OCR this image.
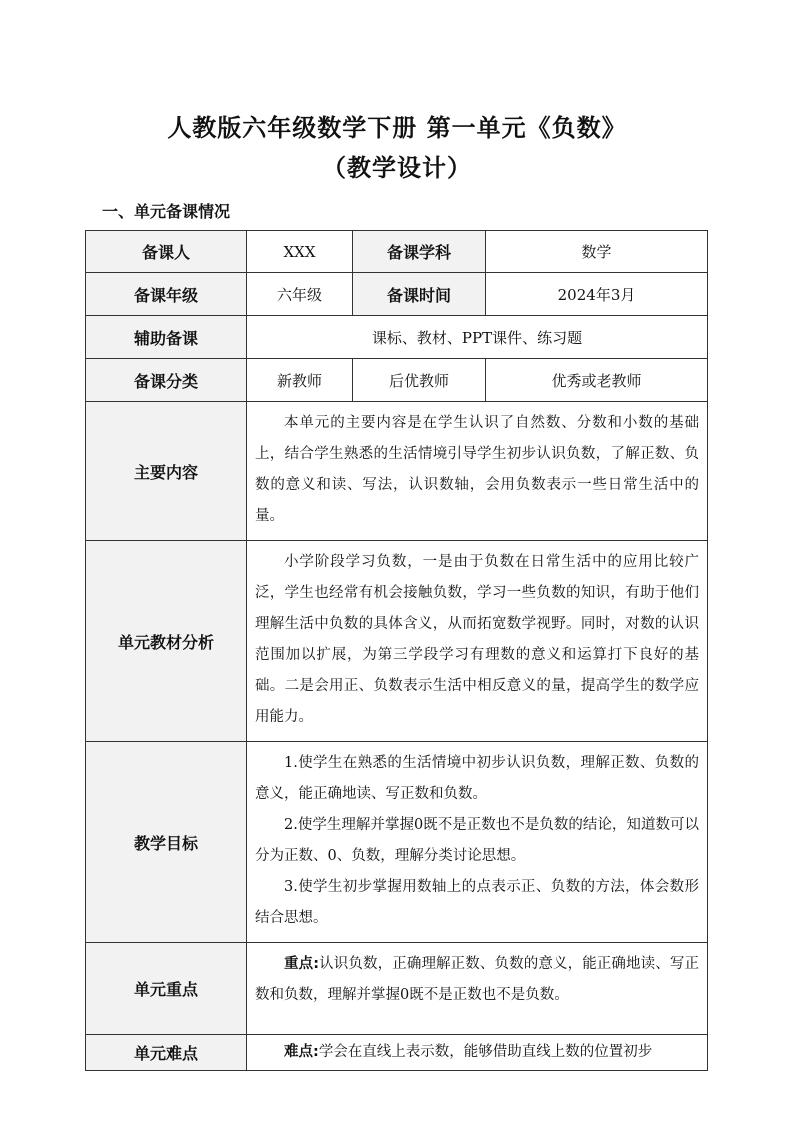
人教版六年级数学下册 第一单元《负数》
（教学设计）
一、单元备课情况
备课人	XXX	备课学科	数学
备课年级	六年级	备课时间	2024年3月
辅助备课	课标、教材、PPT课件、练习题		
备课分类	新教师	后优教师	优秀或老教师
主要内容	本单元的主要内容是在学生认识了自然数、分数和小数的基础上，结合学生熟悉的生活情境引导学生初步认识负数，了解正数、负数的意义和读、写法，认识数轴，会用负数表示一些日常生活中的量。		

单元教材分析	小学阶段学习负数，一是由于负数在日常生活中的应用比较广泛，学生也经常有机会接触负数，学习一些负数的知识，有助于他们理解生活中负数的具体含义，从而拓宽数学视野。同时，对数的认识范围加以扩展，为第三学段学习有理数的意义和运算打下良好的基础。二是会用正、负数表示生活中相反意义的量，提高学生的数学应用能力。		

教学目标	1.使学生在熟悉的生活情境中初步认识负数，理解正数、负数的意义，能正确地读、写正数和负数。

2.使学生理解并掌握0既不是正数也不是负数的结论，知道数可以分为正数、0、负数，理解分类讨论思想。

3.使学生初步掌握用数轴上的点表示正、负数的方法，体会数形结合思想。		

单元重点	重点:认识负数，正确理解正数、负数的意义，能正确地读、写正数和负数，理解并掌握0既不是正数也不是负数。		

单元难点	难点:学会在直线上表示数，能够借助直线上数的位置初步		
